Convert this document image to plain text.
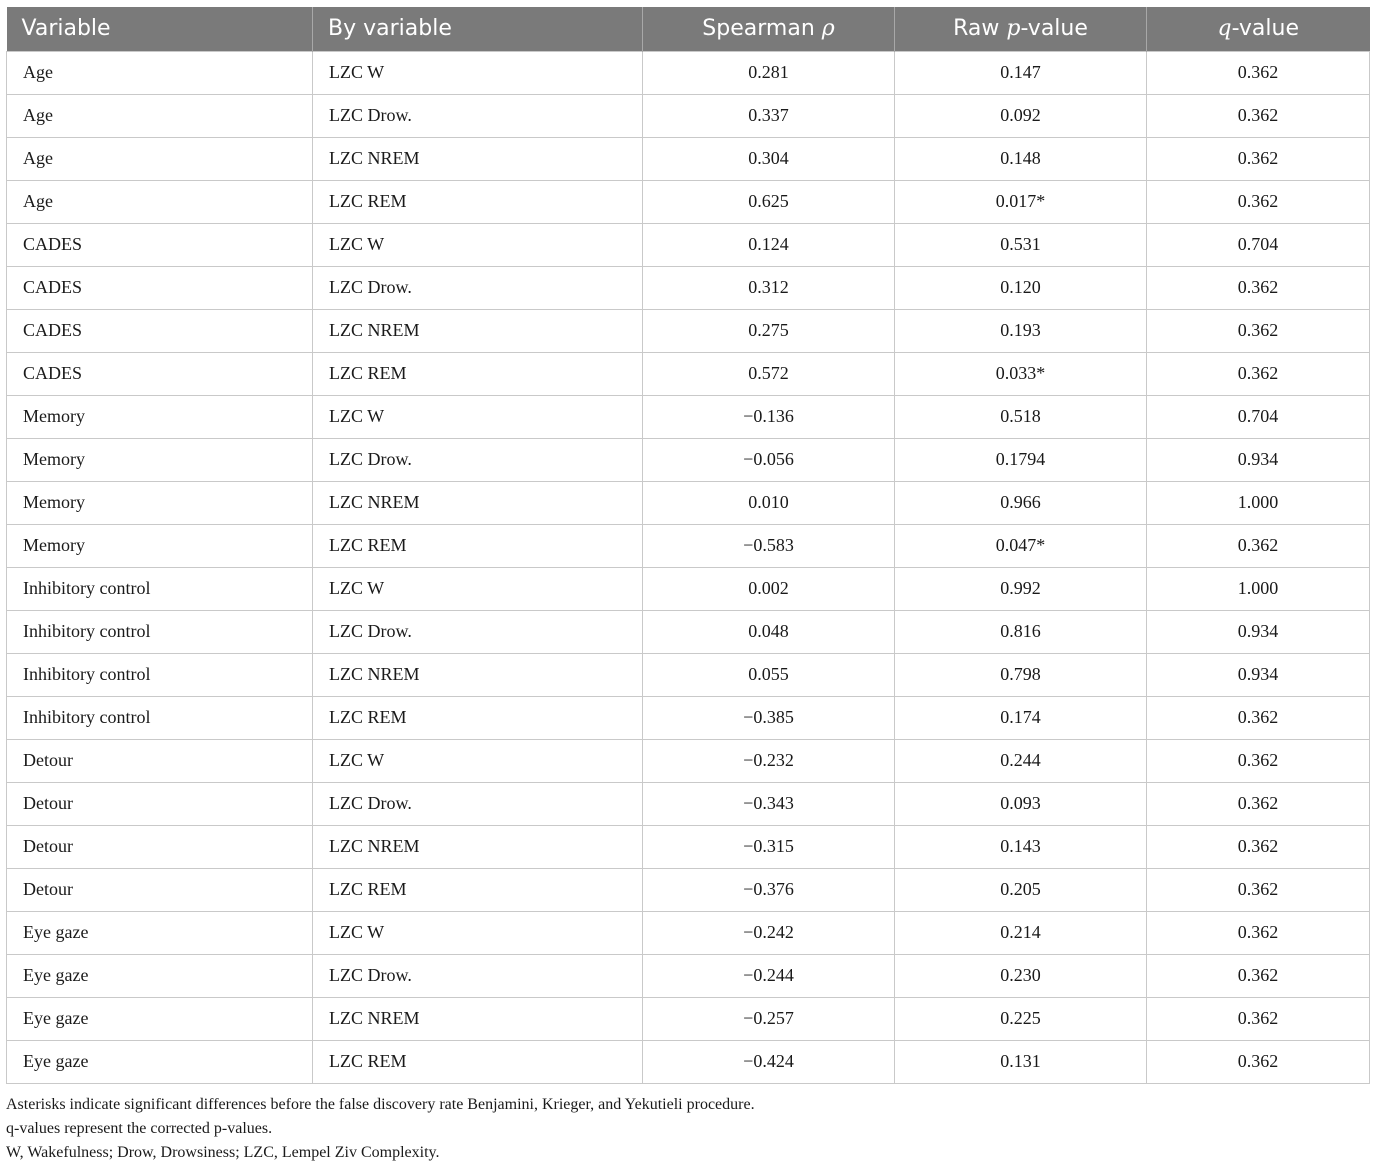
Variable	By variable	Spearman ρ	Raw p-value	q-value
Age	LZC W	0.281	0.147	0.362
Age	LZC Drow.	0.337	0.092	0.362
Age	LZC NREM	0.304	0.148	0.362
Age	LZC REM	0.625	0.017*	0.362
CADES	LZC W	0.124	0.531	0.704
CADES	LZC Drow.	0.312	0.120	0.362
CADES	LZC NREM	0.275	0.193	0.362
CADES	LZC REM	0.572	0.033*	0.362
Memory	LZC W	−0.136	0.518	0.704
Memory	LZC Drow.	−0.056	0.1794	0.934
Memory	LZC NREM	0.010	0.966	1.000
Memory	LZC REM	−0.583	0.047*	0.362
Inhibitory control	LZC W	0.002	0.992	1.000
Inhibitory control	LZC Drow.	0.048	0.816	0.934
Inhibitory control	LZC NREM	0.055	0.798	0.934
Inhibitory control	LZC REM	−0.385	0.174	0.362
Detour	LZC W	−0.232	0.244	0.362
Detour	LZC Drow.	−0.343	0.093	0.362
Detour	LZC NREM	−0.315	0.143	0.362
Detour	LZC REM	−0.376	0.205	0.362
Eye gaze	LZC W	−0.242	0.214	0.362
Eye gaze	LZC Drow.	−0.244	0.230	0.362
Eye gaze	LZC NREM	−0.257	0.225	0.362
Eye gaze	LZC REM	−0.424	0.131	0.362
Asterisks indicate significant differences before the false discovery rate Benjamini, Krieger, and Yekutieli procedure.
q-values represent the corrected p-values.
W, Wakefulness; Drow, Drowsiness; LZC, Lempel Ziv Complexity.
